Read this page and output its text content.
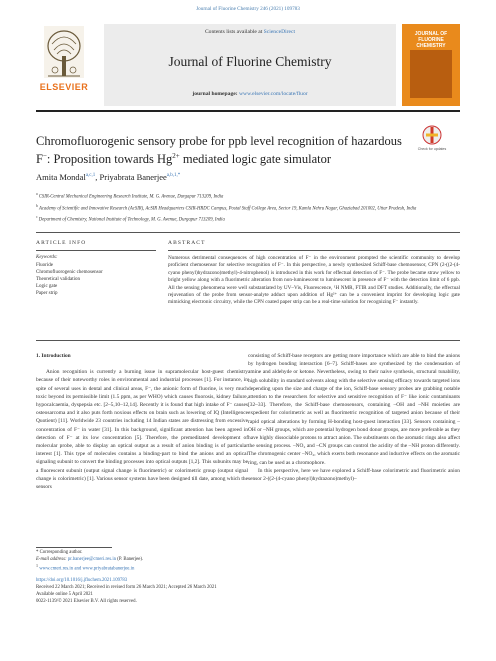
Journal of Fluorine Chemistry 246 (2021) 109783
ELSEVIER
Contents lists available at ScienceDirect
Journal of Fluorine Chemistry
journal homepage: www.elsevier.com/locate/fluor
JOURNAL OF FLUORINE CHEMISTRY
Chromofluorogenic sensory probe for ppb level recognition of hazardous
F−: Proposition towards $Hg^{2+}$ mediated logic gate simulator
Check for updates
Amita Mondal$^{a,c,1}$, Priyabrata Banerjee$^{a,b,1,*}$
$^a$ CSIR-Central Mechanical Engineering Research Institute, M. G. Avenue, Durgapur 713209, India
$^b$ Academy of Scientific and Innovative Research (AcSIR), AcSIR Headquarters CSIR-HRDC Campus, Postal Staff College Area, Sector 19, Kamla Nehru Nagar, Ghaziabad 201002, Uttar Pradesh, India
$^c$ Department of Chemistry, National Institute of Technology, M. G. Avenue, Durgapur 713209, India
ARTICLE INFO	ABSTRACT
Keywords:
Fluoride
Chromofluorogenic chemosensor
Theoretical validation
Logic gate
Paper strip
Numerous detrimental consequences of high concentration of F⁻ in the environment prompted the scientific community to develop proficient chemosensor for selective recognition of F⁻. In this perspective, a newly synthesized Schiff-base chemosensor, CPN (2-((2-(4-cyano phenyl)hydrazono)methyl)-4-nitrophenol) is introduced in this work for effectual detection of F⁻. The probe became straw yellow to bright yellow along with a fluorimetric alteration from non-luminescent to luminescent in presence of F⁻ with the detection limit of 6 ppb. All the sensing phenomena were well substantiated by UV–Vis, Fluorescence, ¹H NMR, FTIR and DFT studies. Additionally, the effectual rejuvenation of the probe from sensor-analyte adduct upon addition of Hg²⁺ can be a convenient imprint for developing logic gate mimicking electronic circuitry, while the CPN coated paper strip can be a real-time solution for recognizing F⁻ instantly.
1. Introduction
Anion recognition is currently a burning issue in supramolecular host-guest chemistry because of their noteworthy roles in environmental and industrial processes [1]. For instance, in spite of several uses in dental and clinical areas, F⁻, the anionic form of fluorine, is very much toxic beyond its permissible limit (1.5 ppm, as per WHO) which causes fluorosis, kidney failure, hypocalcaemia, dyspepsia etc. [2–5,10–12,14]. Recently it is found that high intake of F⁻ causes osteosarcoma and it also puts forth noxious effects on brain such as lowering of IQ (Intelligence Quotient) [11]. Worldwide 23 countries including 14 Indian states are distressing from excessive concentration of F⁻ in water [31]. In this background, significant attention has been agreed in detection of F⁻ at its low concentration [5]. Therefore, the premeditated development of molecular probe, able to display an optical output as a result of anion binding is of particular interest [1]. This type of molecules contains a binding-part to bind the anions and an optical signaling subunit to convert the binding processes into optical outputs [1,2]. This subunits may be a fluorescent subunit (output signal change is fluorimetric) or colorimetric group (output signal change is colorimetric) [1]. Various sensor systems have been designed till date, among which the sensors
consisting of Schiff-base receptors are getting more importance which are able to bind the anions by hydrogen bonding interaction [6–7]. Schiff-bases are synthesized by the condensation of amine and aldehyde or ketone. Nevertheless, owing to their naive synthesis, structural tunability, high solubility in standard solvents along with the selective sensing efficacy towards targeted ions depending upon the size and charge of the ion, Schiff-base sensory probes are grabbing notable attention to the researchers for selective and sensitive recognition of F⁻ like ionic contaminants [32–33]. Therefore, the Schiff-base chemosensors, containing –OH and –NH moieties are expedient for colorimetric as well as fluorimetric recognition of targeted anion because of their rapid optical alterations by forming H-bonding host-guest interaction [33]. Sensors containing –OH or –NH groups, which are potential hydrogen bond donor groups, are more preferable as they have highly dissociable protons to attract anion. The substituents on the aromatic rings also affect the sensing process. –NO₂ and –CN groups can control the acidity of the –NH proton differently. The chromogenic center –NO₂, which exerts both resonance and inductive effects on the aromatic ring, can be used as a chromophore.
In this perspective, here we have explored a Schiff-base colorimetric and fluorimetric anion sensor 2-((2-(4-cyano phenyl)hydrazono)methyl)–
* Corresponding author.
E-mail address: pr.banerjee@cmeri.res.in (P. Banerjee).
$^1$ www.cmeri.res.in and www.priyabratabanerjee.in
https://doi.org/10.1016/j.jfluchem.2021.109783
Received 22 March 2021; Received in revised form 26 March 2021; Accepted 26 March 2021
Available online 5 April 2021
0022-1139/© 2021 Elsevier B.V. All rights reserved.
